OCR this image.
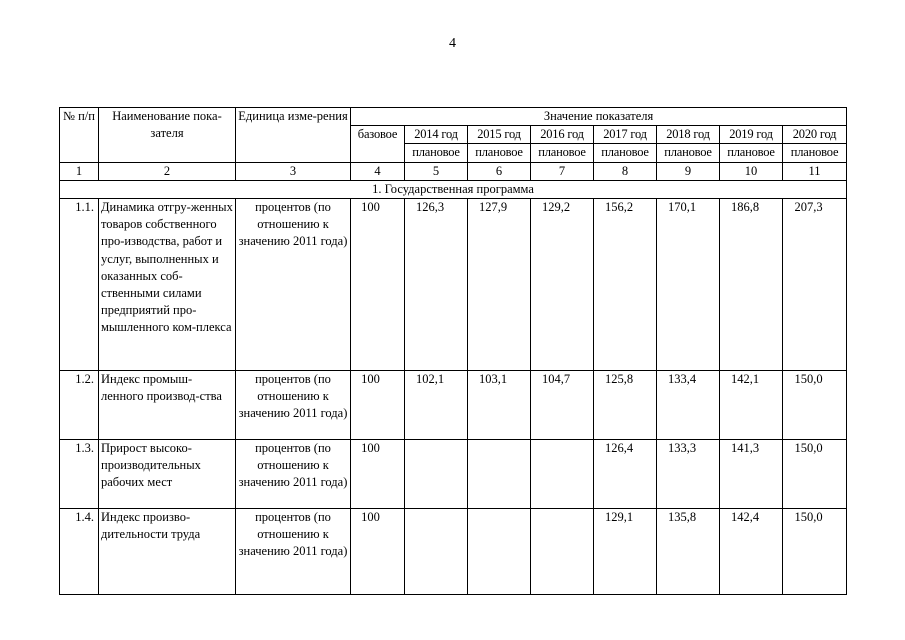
4
№ п/п	Наименование пока-зателя	Единица изме-рения	Значение показателя							
			базовое	2014 год	2015 год	2016 год	2017 год	2018 год	2019 год	2020 год
				плановое	плановое	плановое	плановое	плановое	плановое	плановое
1	2	3	4	5	6	7	8	9	10	11
1. Государственная программа										
1.1.	Динамика отгру-женных товаров собственного про-изводства, работ и услуг, выполненных и оказанных соб-ственными силами предприятий про-мышленного ком-плекса	процентов (по отношению к значению 2011 года)	100	126,3	127,9	129,2	156,2	170,1	186,8	207,3
1.2.	Индекс промыш-ленного производ-ства	процентов (по отношению к значению 2011 года)	100	102,1	103,1	104,7	125,8	133,4	142,1	150,0
1.3.	Прирост высоко-производительных рабочих мест	процентов (по отношению к значению 2011 года)	100				126,4	133,3	141,3	150,0
1.4.	Индекс произво-дительности труда	процентов (по отношению к значению 2011 года)	100				129,1	135,8	142,4	150,0
